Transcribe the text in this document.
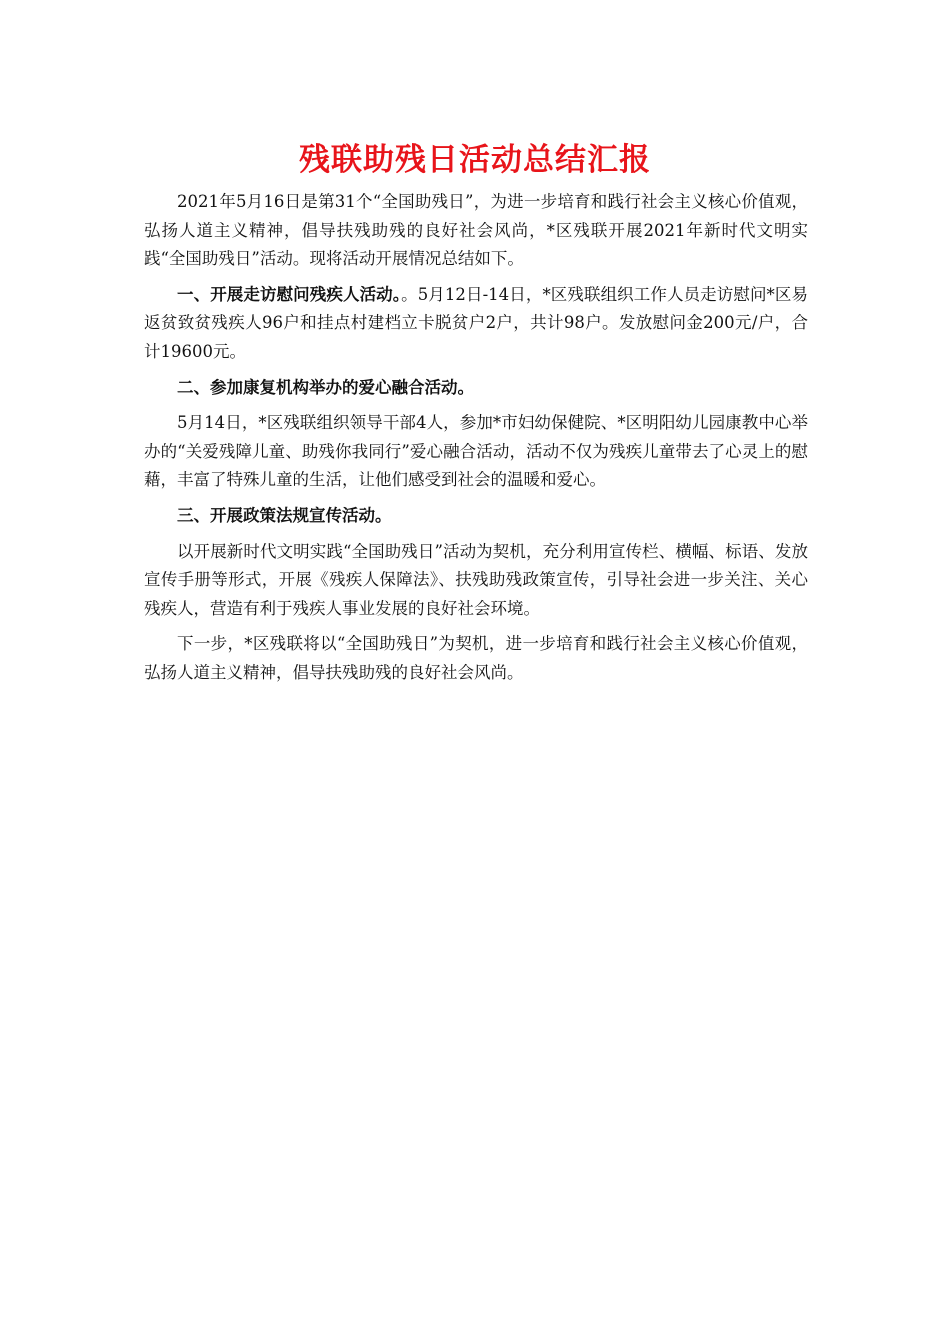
残联助残日活动总结汇报

2021年5月16日是第31个“全国助残日”，为进一步培育和践行社会主义核心价值观，弘扬人道主义精神，倡导扶残助残的良好社会风尚，*区残联开展2021年新时代文明实践“全国助残日”活动。现将活动开展情况总结如下。

一、开展走访慰问残疾人活动。。5月12日-14日，*区残联组织工作人员走访慰问*区易返贫致贫残疾人96户和挂点村建档立卡脱贫户2户，共计98户。发放慰问金200元/户，合计19600元。

二、参加康复机构举办的爱心融合活动。

5月14日，*区残联组织领导干部4人，参加*市妇幼保健院、*区明阳幼儿园康教中心举办的“关爱残障儿童、助残你我同行”爱心融合活动，活动不仅为残疾儿童带去了心灵上的慰藉，丰富了特殊儿童的生活，让他们感受到社会的温暖和爱心。

三、开展政策法规宣传活动。

以开展新时代文明实践“全国助残日”活动为契机，充分利用宣传栏、横幅、标语、发放宣传手册等形式，开展《残疾人保障法》、扶残助残政策宣传，引导社会进一步关注、关心残疾人，营造有利于残疾人事业发展的良好社会环境。

下一步，*区残联将以“全国助残日”为契机，进一步培育和践行社会主义核心价值观，弘扬人道主义精神，倡导扶残助残的良好社会风尚。
